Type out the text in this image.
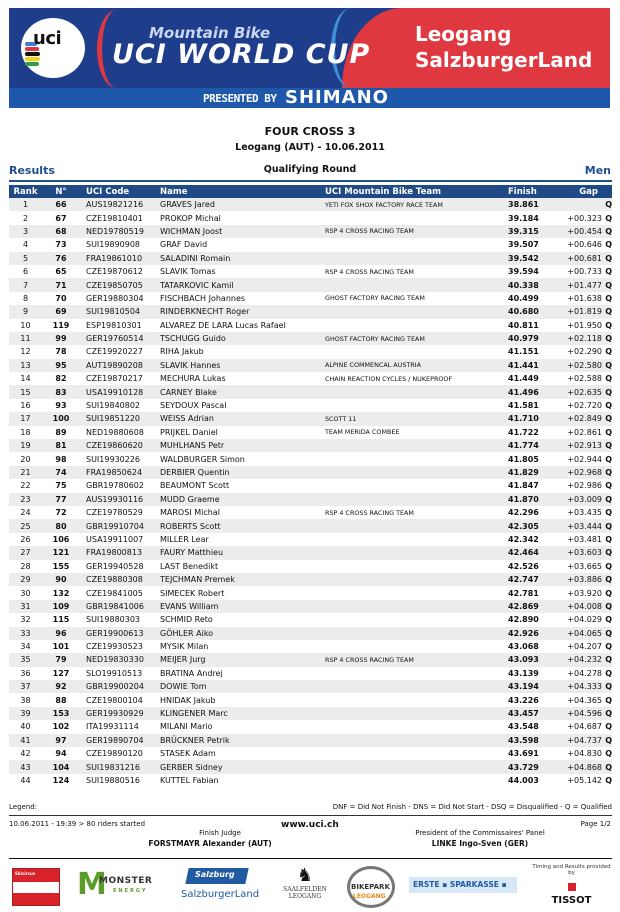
uci	Mountain Bike
UCI WORLD CUP
Leogang
SalzburgerLand
PRESENTED BY SHIMANO
FOUR CROSS 3
Leogang (AUT) - 10.06.2011
Results	Qualifying Round	Men
Rank	N°	UCI Code	Name	UCI Mountain Bike Team	Finish	Gap	
1	66	AUS19821216	GRAVES Jared	YETI FOX SHOX FACTORY RACE TEAM	38.861		Q
2	67	CZE19810401	PROKOP Michal		39.184	+00.323	Q
3	68	NED19780519	WICHMAN Joost	RSP 4 CROSS RACING TEAM	39.315	+00.454	Q
4	73	SUI19890908	GRAF David		39.507	+00.646	Q
5	76	FRA19861010	SALADINI Romain		39.542	+00.681	Q
6	65	CZE19870612	SLAVIK Tomas	RSP 4 CROSS RACING TEAM	39.594	+00.733	Q
7	71	CZE19850705	TATARKOVIC Kamil		40.338	+01.477	Q
8	70	GER19880304	FISCHBACH Johannes	GHOST FACTORY RACING TEAM	40.499	+01.638	Q
9	69	SUI19810504	RINDERKNECHT Roger		40.680	+01.819	Q
10	119	ESP19810301	ALVAREZ DE LARA Lucas Rafael		40.811	+01.950	Q
11	99	GER19760514	TSCHUGG Guido	GHOST FACTORY RACING TEAM	40.979	+02.118	Q
12	78	CZE19920227	RIHA Jakub		41.151	+02.290	Q
13	95	AUT19890208	SLAVIK Hannes	ALPINE COMMENCAL AUSTRIA	41.441	+02.580	Q
14	82	CZE19870217	MECHURA Lukas	CHAIN REACTION CYCLES / NUKEPROOF	41.449	+02.588	Q
15	83	USA19910128	CARNEY Blake		41.496	+02.635	Q
16	93	SUI19840802	SEYDOUX Pascal		41.581	+02.720	Q
17	100	SUI19851220	WEISS Adrian	SCOTT 11	41.710	+02.849	Q
18	89	NED19880608	PRIJKEL Daniel	TEAM MERIDA COMBEE	41.722	+02.861	Q
19	81	CZE19860620	MUHLHANS Petr		41.774	+02.913	Q
20	98	SUI19930226	WALDBURGER Simon		41.805	+02.944	Q
21	74	FRA19850624	DERBIER Quentin		41.829	+02.968	Q
22	75	GBR19780602	BEAUMONT Scott		41.847	+02.986	Q
23	77	AUS19930116	MUDD Graeme		41.870	+03.009	Q
24	72	CZE19780529	MAROSI Michal	RSP 4 CROSS RACING TEAM	42.296	+03.435	Q
25	80	GBR19910704	ROBERTS Scott		42.305	+03.444	Q
26	106	USA19911007	MILLER Lear		42.342	+03.481	Q
27	121	FRA19800813	FAURY Matthieu		42.464	+03.603	Q
28	155	GER19940528	LAST Benedikt		42.526	+03.665	Q
29	90	CZE19880308	TEJCHMAN Premek		42.747	+03.886	Q
30	132	CZE19841005	SIMECEK Robert		42.781	+03.920	Q
31	109	GBR19841006	EVANS William		42.869	+04.008	Q
32	115	SUI19880303	SCHMID Reto		42.890	+04.029	Q
33	96	GER19900613	GÖHLER Aiko		42.926	+04.065	Q
34	101	CZE19930523	MYSIK Milan		43.068	+04.207	Q
35	79	NED19830330	MEIJER Jurg	RSP 4 CROSS RACING TEAM	43.093	+04.232	Q
36	127	SLO19910513	BRATINA Andrej		43.139	+04.278	Q
37	92	GBR19900204	DOWIE Tom		43.194	+04.333	Q
38	88	CZE19800104	HNIDAK Jakub		43.226	+04.365	Q
39	153	GER19930929	KLINGENER Marc		43.457	+04.596	Q
40	102	ITA19931114	MILANI Mario		43.548	+04.687	Q
41	97	GER19890704	BRÜCKNER Petrik		43.598	+04.737	Q
42	94	CZE19890120	STASEK Adam		43.691	+04.830	Q
43	104	SUI19831216	GERBER Sidney		43.729	+04.868	Q
44	124	SUI19880516	KUTTEL Fabian		44.003	+05.142	Q
Legend:	DNF = Did Not Finish - DNS = Did Not Start - DSQ = Disqualified - Q = Qualified
10.06.2011 - 19:39 > 80 riders started	www.uci.ch	Page 1/2
Finish Judge
FORSTMAYR Alexander (AUT)
President of the Commissaires' Panel
LINKE Ingo-Sven (GER)
Skicircus M
MONSTER
ENERGY
Salzburg
SalzburgerLand
♞
SAALFELDEN
LEOGANG
BIKEPARK
LEOGANG
ERSTE ▪ SPARKASSE ▪
Timing and Results provided by
TISSOT
